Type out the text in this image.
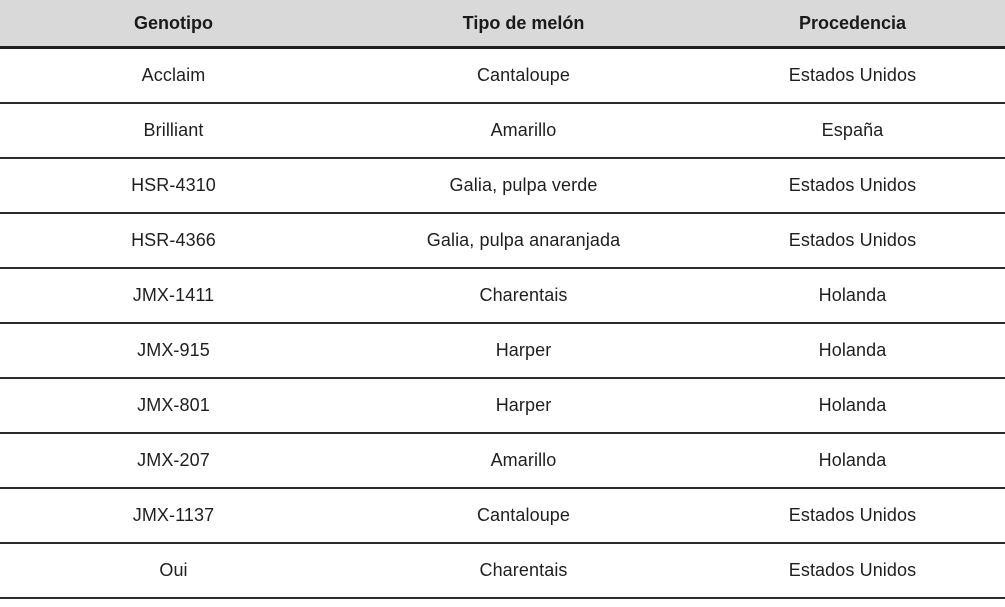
Genotipo	Tipo de melón	Procedencia
Acclaim	Cantaloupe	Estados Unidos
Brilliant	Amarillo	España
HSR-4310	Galia, pulpa verde	Estados Unidos
HSR-4366	Galia, pulpa anaranjada	Estados Unidos
JMX-1411	Charentais	Holanda
JMX-915	Harper	Holanda
JMX-801	Harper	Holanda
JMX-207	Amarillo	Holanda
JMX-1137	Cantaloupe	Estados Unidos
Oui	Charentais	Estados Unidos
